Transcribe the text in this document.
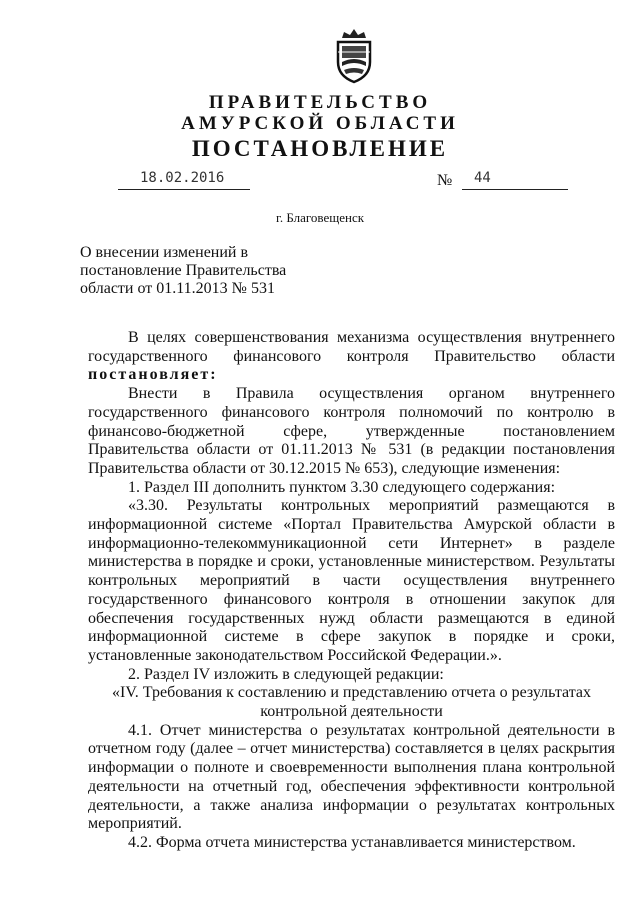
ПРАВИТЕЛЬСТВО
АМУРСКОЙ ОБЛАСТИ
ПОСТАНОВЛЕНИЕ
18.02.2016	№ 44
г. Благовещенск
О внесении изменений в
постановление Правительства
области от 01.11.2013 № 531

В целях совершенствования механизма осуществления внутреннего государственного финансового контроля Правительство области постановляет:

Внести в Правила осуществления органом внутреннего государственного финансового контроля полномочий по контролю в финансово-бюджетной сфере, утвержденные постановлением Правительства области от 01.11.2013 № 531 (в редакции постановления Правительства области от 30.12.2015 № 653), следующие изменения:

1. Раздел III дополнить пунктом 3.30 следующего содержания:

«3.30. Результаты контрольных мероприятий размещаются в информационной системе «Портал Правительства Амурской области в информационно-телекоммуникационной сети Интернет» в разделе министерства в порядке и сроки, установленные министерством. Результаты контрольных мероприятий в части осуществления внутреннего государственного финансового контроля в отношении закупок для обеспечения государственных нужд области размещаются в единой информационной системе в сфере закупок в порядке и сроки, установленные законодательством Российской Федерации.».

2. Раздел IV изложить в следующей редакции:

«IV. Требования к составлению и представлению отчета о результатах

контрольной деятельности

4.1. Отчет министерства о результатах контрольной деятельности в отчетном году (далее – отчет министерства) составляется в целях раскрытия информации о полноте и своевременности выполнения плана контрольной деятельности на отчетный год, обеспечения эффективности контрольной деятельности, а также анализа информации о результатах контрольных мероприятий.

4.2. Форма отчета министерства устанавливается министерством.
